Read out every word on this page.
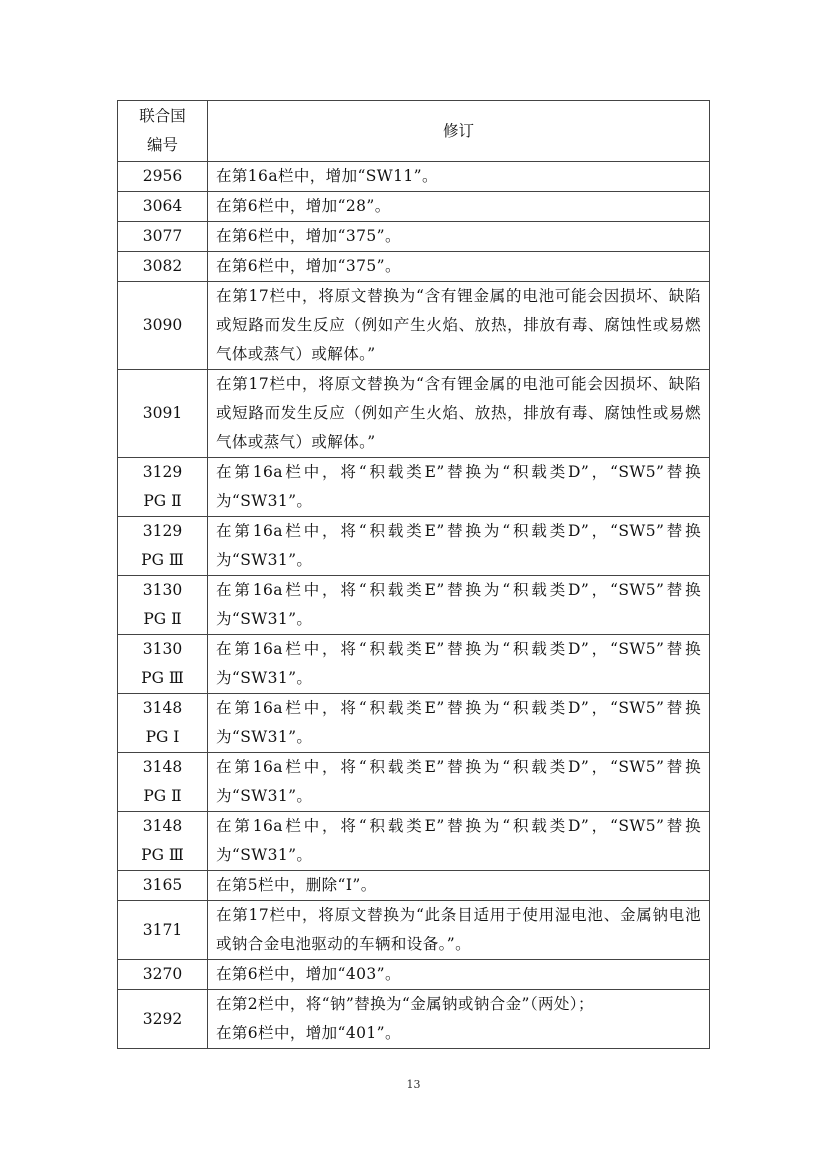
联合国
编号	修订
2956	在第16a栏中，增加“SW11”。
3064	在第6栏中，增加“28”。
3077	在第6栏中，增加“375”。
3082	在第6栏中，增加“375”。
3090	在第17栏中，将原文替换为“含有锂金属的电池可能会因损坏、缺陷或短路而发生反应（例如产生火焰、放热，排放有毒、腐蚀性或易燃气体或蒸气）或解体。”
3091	在第17栏中，将原文替换为“含有锂金属的电池可能会因损坏、缺陷或短路而发生反应（例如产生火焰、放热，排放有毒、腐蚀性或易燃气体或蒸气）或解体。”
3129
PG Ⅱ	在第16a栏中，将“积载类E”替换为“积载类D”，“SW5”替换为“SW31”。
3129
PG Ⅲ	在第16a栏中，将“积载类E”替换为“积载类D”，“SW5”替换为“SW31”。
3130
PG Ⅱ	在第16a栏中，将“积载类E”替换为“积载类D”，“SW5”替换为“SW31”。
3130
PG Ⅲ	在第16a栏中，将“积载类E”替换为“积载类D”，“SW5”替换为“SW31”。
3148
PG Ⅰ	在第16a栏中，将“积载类E”替换为“积载类D”，“SW5”替换为“SW31”。
3148
PG Ⅱ	在第16a栏中，将“积载类E”替换为“积载类D”，“SW5”替换为“SW31”。
3148
PG Ⅲ	在第16a栏中，将“积载类E”替换为“积载类D”，“SW5”替换为“SW31”。
3165	在第5栏中，删除“Ⅰ”。
3171	在第17栏中，将原文替换为“此条目适用于使用湿电池、金属钠电池或钠合金电池驱动的车辆和设备。”。
3270	在第6栏中，增加“403”。
3292	在第2栏中，将“钠”替换为“金属钠或钠合金”（两处）；
在第6栏中，增加“401”。
13
